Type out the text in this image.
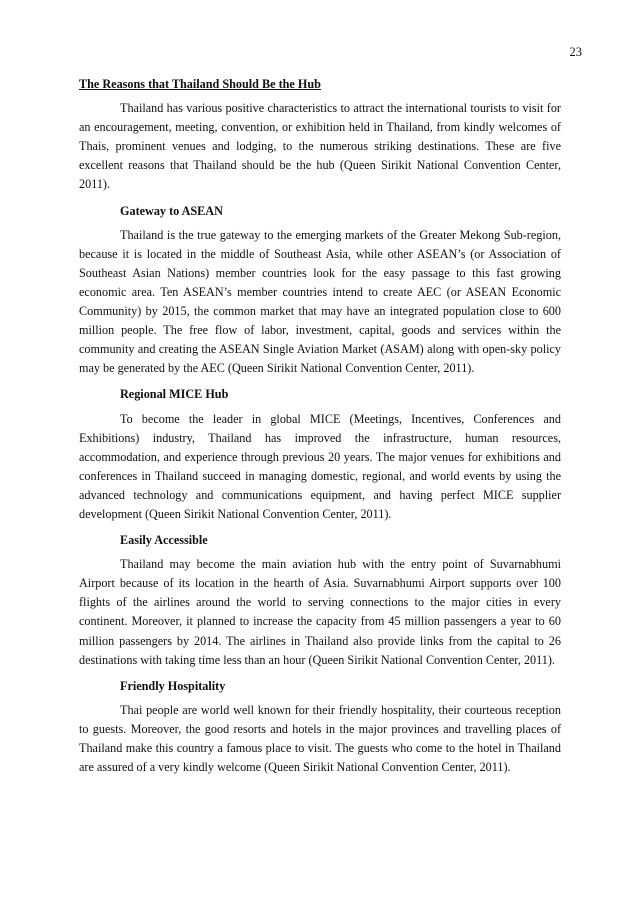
23
The Reasons that Thailand Should Be the Hub

Thailand has various positive characteristics to attract the international tourists to visit for an encouragement, meeting, convention, or exhibition held in Thailand, from kindly welcomes of Thais, prominent venues and lodging, to the numerous striking destinations. These are five excellent reasons that Thailand should be the hub (Queen Sirikit National Convention Center, 2011).

Gateway to ASEAN

Thailand is the true gateway to the emerging markets of the Greater Mekong Sub-region, because it is located in the middle of Southeast Asia, while other ASEAN’s (or Association of Southeast Asian Nations) member countries look for the easy passage to this fast growing economic area. Ten ASEAN’s member countries intend to create AEC (or ASEAN Economic Community) by 2015, the common market that may have an integrated population close to 600 million people. The free flow of labor, investment, capital, goods and services within the community and creating the ASEAN Single Aviation Market (ASAM) along with open-sky policy may be generated by the AEC (Queen Sirikit National Convention Center, 2011).

Regional MICE Hub

To become the leader in global MICE (Meetings, Incentives, Conferences and Exhibitions) industry, Thailand has improved the infrastructure, human resources, accommodation, and experience through previous 20 years. The major venues for exhibitions and conferences in Thailand succeed in managing domestic, regional, and world events by using the advanced technology and communications equipment, and having perfect MICE supplier development (Queen Sirikit National Convention Center, 2011).

Easily Accessible

Thailand may become the main aviation hub with the entry point of Suvarnabhumi Airport because of its location in the hearth of Asia. Suvarnabhumi Airport supports over 100 flights of the airlines around the world to serving connections to the major cities in every continent. Moreover, it planned to increase the capacity from 45 million passengers a year to 60 million passengers by 2014. The airlines in Thailand also provide links from the capital to 26 destinations with taking time less than an hour (Queen Sirikit National Convention Center, 2011).

Friendly Hospitality

Thai people are world well known for their friendly hospitality, their courteous reception to guests. Moreover, the good resorts and hotels in the major provinces and travelling places of Thailand make this country a famous place to visit. The guests who come to the hotel in Thailand are assured of a very kindly welcome (Queen Sirikit National Convention Center, 2011).
